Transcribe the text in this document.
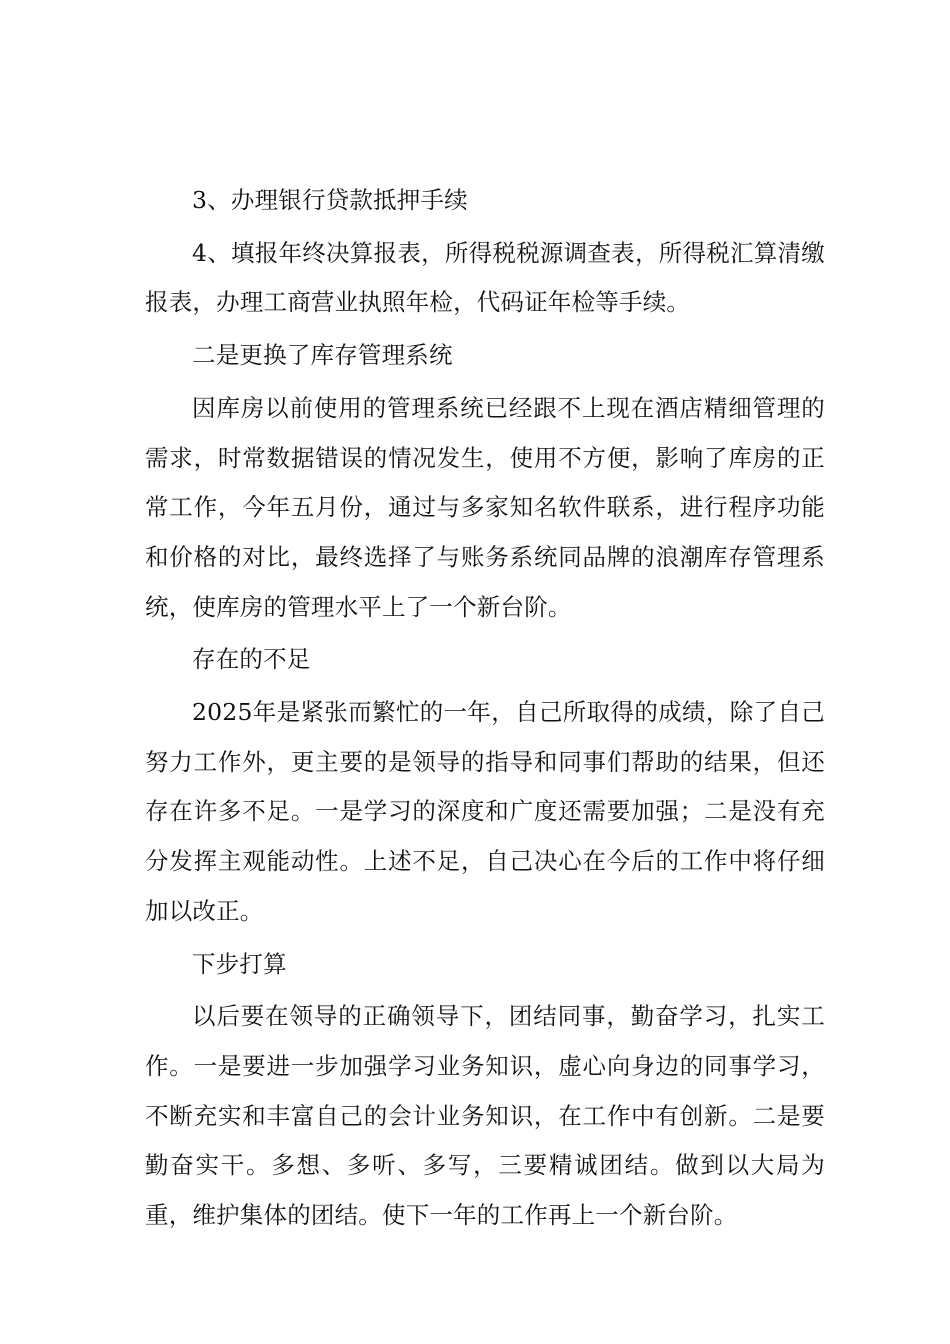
3、办理银行贷款抵押手续

4、填报年终决算报表，所得税税源调查表，所得税汇算清缴报表，办理工商营业执照年检，代码证年检等手续。

二是更换了库存管理系统

因库房以前使用的管理系统已经跟不上现在酒店精细管理的需求，时常数据错误的情况发生，使用不方便，影响了库房的正常工作，今年五月份，通过与多家知名软件联系，进行程序功能和价格的对比，最终选择了与账务系统同品牌的浪潮库存管理系统，使库房的管理水平上了一个新台阶。

存在的不足

2025年是紧张而繁忙的一年，自己所取得的成绩，除了自己努力工作外，更主要的是领导的指导和同事们帮助的结果，但还存在许多不足。一是学习的深度和广度还需要加强；二是没有充分发挥主观能动性。上述不足，自己决心在今后的工作中将仔细加以改正。

下步打算

以后要在领导的正确领导下，团结同事，勤奋学习，扎实工作。一是要进一步加强学习业务知识，虚心向身边的同事学习，不断充实和丰富自己的会计业务知识，在工作中有创新。二是要勤奋实干。多想、多听、多写，三要精诚团结。做到以大局为重，维护集体的团结。使下一年的工作再上一个新台阶。
